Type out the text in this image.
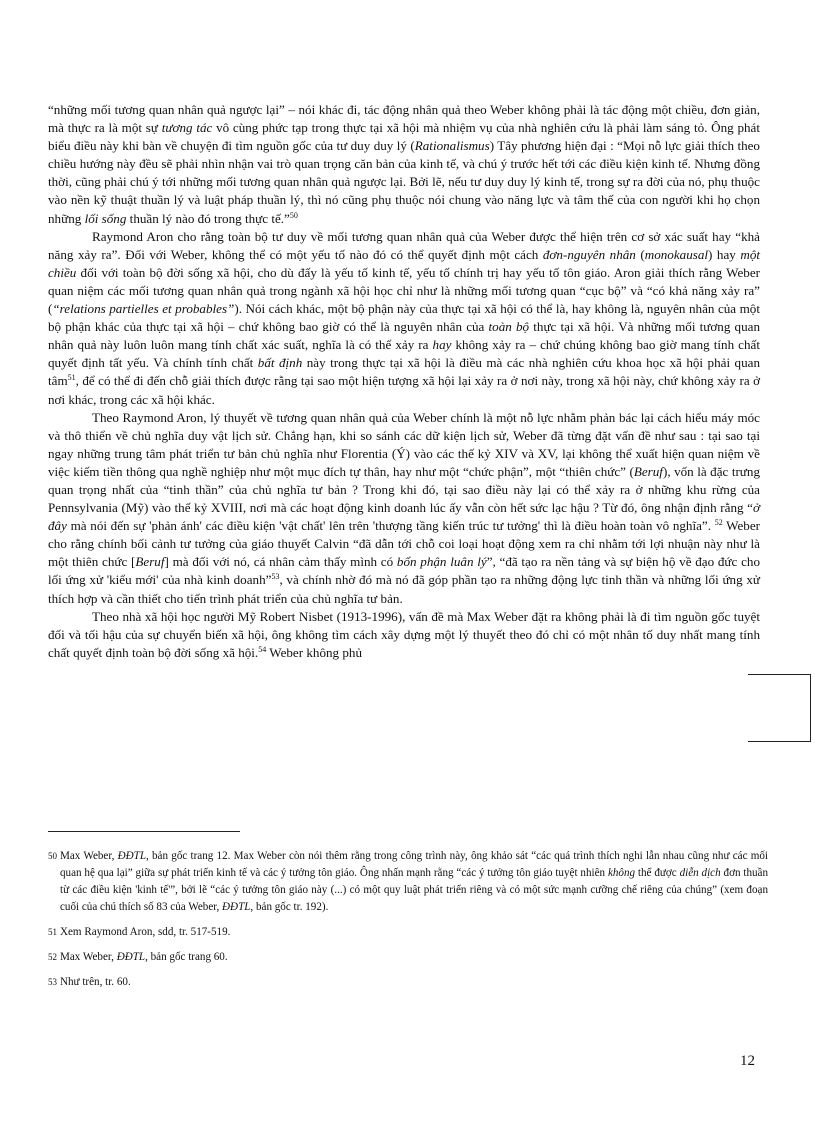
“những mối tương quan nhân quả ngược lại” – nói khác đi, tác động nhân quả theo Weber không phải là tác động một chiều, đơn giản, mà thực ra là một sự tương tác vô cùng phức tạp trong thực tại xã hội mà nhiệm vụ của nhà nghiên cứu là phải làm sáng tỏ. Ông phát biểu điều này khi bàn về chuyện đi tìm nguồn gốc của tư duy duy lý (Rationalismus) Tây phương hiện đại : “Mọi nỗ lực giải thích theo chiều hướng này đều sẽ phải nhìn nhận vai trò quan trọng căn bản của kinh tế, và chú ý trước hết tới các điều kiện kinh tế. Nhưng đồng thời, cũng phải chú ý tới những mối tương quan nhân quả ngược lại. Bởi lẽ, nếu tư duy duy lý kinh tế, trong sự ra đời của nó, phụ thuộc vào nền kỹ thuật thuần lý và luật pháp thuần lý, thì nó cũng phụ thuộc nói chung vào năng lực và tâm thế của con người khi họ chọn những lối sống thuần lý nào đó trong thực tế.”$^{50}$

Raymond Aron cho rằng toàn bộ tư duy về mối tương quan nhân quả của Weber được thể hiện trên cơ sở xác suất hay “khả năng xảy ra”. Đối với Weber, không thể có một yếu tố nào đó có thể quyết định một cách đơn-nguyên nhân (monokausal) hay một chiều đối với toàn bộ đời sống xã hội, cho dù đấy là yếu tố kinh tế, yếu tố chính trị hay yếu tố tôn giáo. Aron giải thích rằng Weber quan niệm các mối tương quan nhân quả trong ngành xã hội học chỉ như là những mối tương quan “cục bộ” và “có khả năng xảy ra” (“relations partielles et probables”). Nói cách khác, một bộ phận này của thực tại xã hội có thể là, hay không là, nguyên nhân của một bộ phận khác của thực tại xã hội – chứ không bao giờ có thể là nguyên nhân của toàn bộ thực tại xã hội. Và những mối tương quan nhân quả này luôn luôn mang tính chất xác suất, nghĩa là có thể xảy ra hay không xảy ra – chứ chúng không bao giờ mang tính chất quyết định tất yếu. Và chính tính chất bất định này trong thực tại xã hội là điều mà các nhà nghiên cứu khoa học xã hội phải quan tâm$^{51}$, để có thể đi đến chỗ giải thích được rằng tại sao một hiện tượng xã hội lại xảy ra ở nơi này, trong xã hội này, chứ không xảy ra ở nơi khác, trong các xã hội khác.

Theo Raymond Aron, lý thuyết về tương quan nhân quả của Weber chính là một nỗ lực nhằm phản bác lại cách hiểu máy móc và thô thiển về chủ nghĩa duy vật lịch sử. Chẳng hạn, khi so sánh các dữ kiện lịch sử, Weber đã từng đặt vấn đề như sau : tại sao tại ngay những trung tâm phát triển tư bản chủ nghĩa như Florentia (Ý) vào các thế kỷ XIV và XV, lại không thể xuất hiện quan niệm về việc kiếm tiền thông qua nghề nghiệp như một mục đích tự thân, hay như một “chức phận”, một “thiên chức” (Beruf), vốn là đặc trưng quan trọng nhất của “tinh thần” của chủ nghĩa tư bản ? Trong khi đó, tại sao điều này lại có thể xảy ra ở những khu rừng của Pennsylvania (Mỹ) vào thế kỷ XVIII, nơi mà các hoạt động kinh doanh lúc ấy vẫn còn hết sức lạc hậu ? Từ đó, ông nhận định rằng “ở đây mà nói đến sự 'phản ánh' các điều kiện 'vật chất' lên trên 'thượng tầng kiến trúc tư tưởng' thì là điều hoàn toàn vô nghĩa”. $^{52}$ Weber cho rằng chính bối cảnh tư tưởng của giáo thuyết Calvin “đã dẫn tới chỗ coi loại hoạt động xem ra chỉ nhằm tới lợi nhuận này như là một thiên chức [Beruf] mà đối với nó, cá nhân cảm thấy mình có bổn phận luân lý”, “đã tạo ra nền tảng và sự biện hộ về đạo đức cho lối ứng xử 'kiểu mới' của nhà kinh doanh”$^{53}$, và chính nhờ đó mà nó đã góp phần tạo ra những động lực tinh thần và những lối ứng xử thích hợp và cần thiết cho tiến trình phát triển của chủ nghĩa tư bản.

Theo nhà xã hội học người Mỹ Robert Nisbet (1913-1996), vấn đề mà Max Weber đặt ra không phải là đi tìm nguồn gốc tuyệt đối và tối hậu của sự chuyển biến xã hội, ông không tìm cách xây dựng một lý thuyết theo đó chỉ có một nhân tố duy nhất mang tính chất quyết định toàn bộ đời sống xã hội.$^{54}$ Weber không phủ

50 Max Weber, ĐĐTL, bản gốc trang 12. Max Weber còn nói thêm rằng trong công trình này, ông khảo sát “các quá trình thích nghi lẫn nhau cũng như các mối quan hệ qua lại” giữa sự phát triển kinh tế và các ý tưởng tôn giáo. Ông nhấn mạnh rằng “các ý tưởng tôn giáo tuyệt nhiên không thể được diễn dịch đơn thuần từ các điều kiện 'kinh tế'”, bởi lẽ “các ý tưởng tôn giáo này (...) có một quy luật phát triển riêng và có một sức mạnh cưỡng chế riêng của chúng” (xem đoạn cuối của chú thích số 83 của Weber, ĐĐTL, bản gốc tr. 192).
51 Xem Raymond Aron, sdd, tr. 517-519.
52 Max Weber, ĐĐTL, bản gốc trang 60.
53 Như trên, tr. 60.
12
